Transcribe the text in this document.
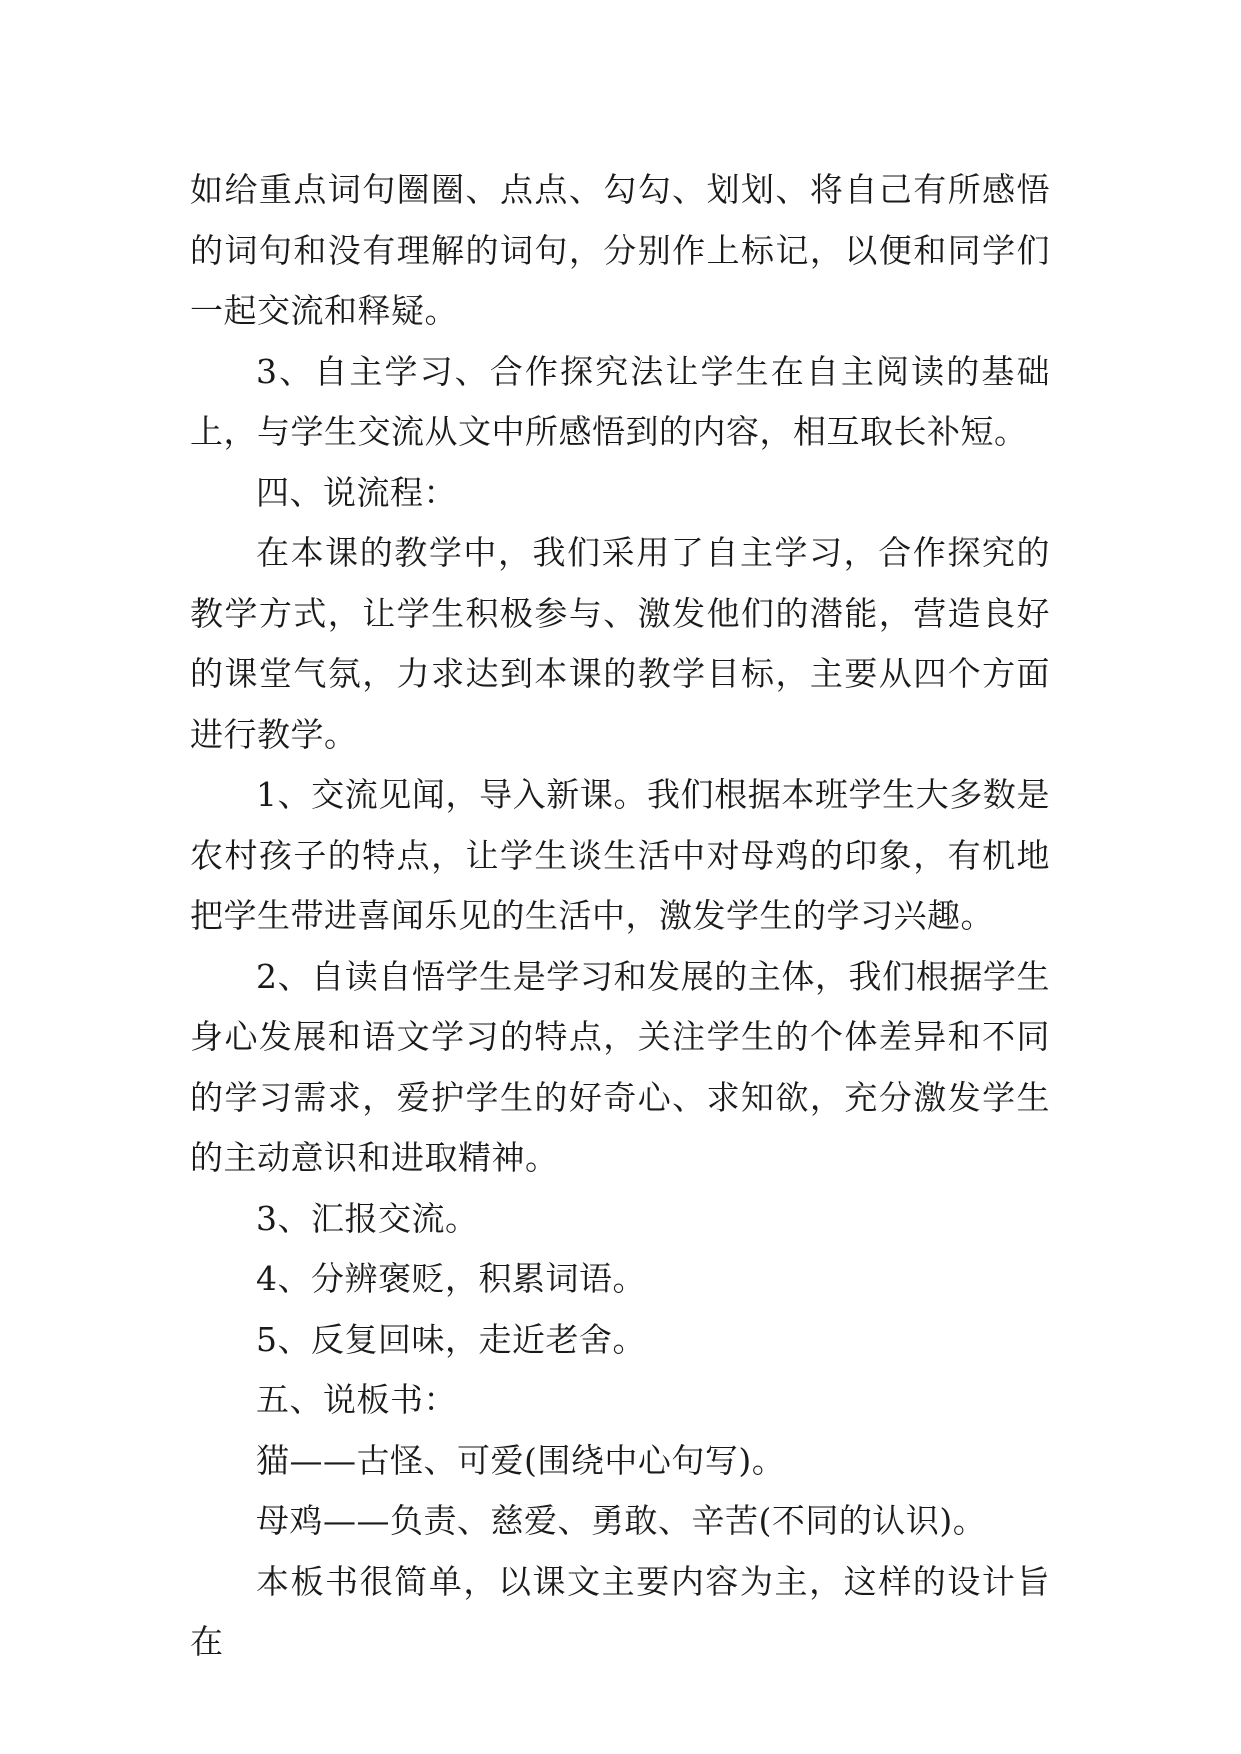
如给重点词句圈圈、点点、勾勾、划划、将自己有所感悟的词句和没有理解的词句，分别作上标记，以便和同学们一起交流和释疑。

3、自主学习、合作探究法让学生在自主阅读的基础上，与学生交流从文中所感悟到的内容，相互取长补短。

四、说流程：

在本课的教学中，我们采用了自主学习，合作探究的教学方式，让学生积极参与、激发他们的潜能，营造良好的课堂气氛，力求达到本课的教学目标，主要从四个方面进行教学。

1、交流见闻，导入新课。我们根据本班学生大多数是农村孩子的特点，让学生谈生活中对母鸡的印象，有机地把学生带进喜闻乐见的生活中，激发学生的学习兴趣。

2、自读自悟学生是学习和发展的主体，我们根据学生身心发展和语文学习的特点，关注学生的个体差异和不同的学习需求，爱护学生的好奇心、求知欲，充分激发学生的主动意识和进取精神。

3、汇报交流。

4、分辨褒贬，积累词语。

5、反复回味，走近老舍。

五、说板书：

猫——古怪、可爱(围绕中心句写)。

母鸡——负责、慈爱、勇敢、辛苦(不同的认识)。

本板书很简单，以课文主要内容为主，这样的设计旨在
